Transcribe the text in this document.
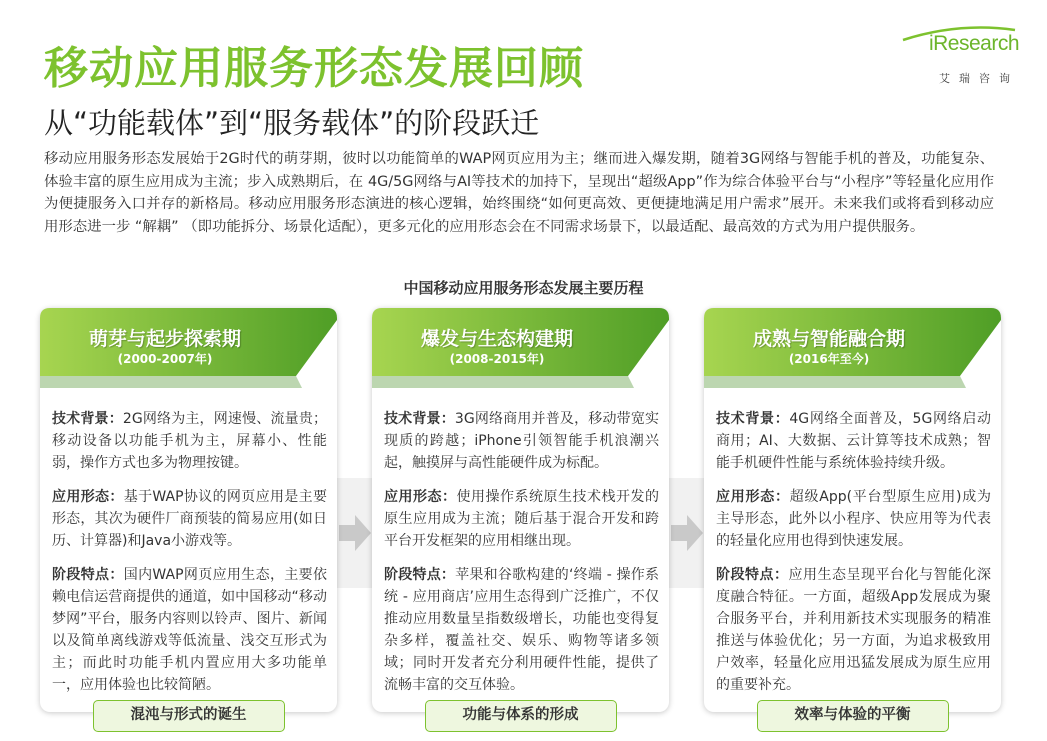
移动应用服务形态发展回顾
从“功能载体”到“服务载体”的阶段跃迁
iResearch
艾瑞咨询
移动应用服务形态发展始于2G时代的萌芽期，彼时以功能简单的WAP网页应用为主；继而进入爆发期，随着3G网络与智能手机的普及，功能复杂、体验丰富的原生应用成为主流；步入成熟期后，在 4G/5G网络与AI等技术的加持下，呈现出“超级App”作为综合体验平台与“小程序”等轻量化应用作为便捷服务入口并存的新格局。移动应用服务形态演进的核心逻辑，始终围绕“如何更高效、更便捷地满足用户需求”展开。未来我们或将看到移动应用形态进一步 “解耦” （即功能拆分、场景化适配），更多元化的应用形态会在不同需求场景下，以最适配、最高效的方式为用户提供服务。
中国移动应用服务形态发展主要历程
萌芽与起步探索期
(2000-2007年)
技术背景：2G网络为主，网速慢、流量贵；移动设备以功能手机为主，屏幕小、性能弱，操作方式也多为物理按键。
应用形态：基于WAP协议的网页应用是主要形态，其次为硬件厂商预装的简易应用(如日历、计算器)和Java小游戏等。
阶段特点：国内WAP网页应用生态，主要依赖电信运营商提供的通道，如中国移动“移动梦网”平台，服务内容则以铃声、图片、新闻以及简单离线游戏等低流量、浅交互形式为主；而此时功能手机内置应用大多功能单一，应用体验也比较简陋。
混沌与形式的诞生
爆发与生态构建期
(2008-2015年)
技术背景：3G网络商用并普及，移动带宽实现质的跨越；iPhone引领智能手机浪潮兴起，触摸屏与高性能硬件成为标配。
应用形态：使用操作系统原生技术栈开发的原生应用成为主流；随后基于混合开发和跨平台开发框架的应用相继出现。
阶段特点：苹果和谷歌构建的‘终端 - 操作系统 - 应用商店’应用生态得到广泛推广，不仅推动应用数量呈指数级增长，功能也变得复杂多样，覆盖社交、娱乐、购物等诸多领域；同时开发者充分利用硬件性能，提供了流畅丰富的交互体验。
功能与体系的形成
成熟与智能融合期
(2016年至今)
技术背景：4G网络全面普及，5G网络启动商用；AI、大数据、云计算等技术成熟；智能手机硬件性能与系统体验持续升级。
应用形态：超级App(平台型原生应用)成为主导形态，此外以小程序、快应用等为代表的轻量化应用也得到快速发展。
阶段特点：应用生态呈现平台化与智能化深度融合特征。一方面，超级App发展成为聚合服务平台，并利用新技术实现服务的精准推送与体验优化；另一方面，为追求极致用户效率，轻量化应用迅猛发展成为原生应用的重要补充。
效率与体验的平衡
